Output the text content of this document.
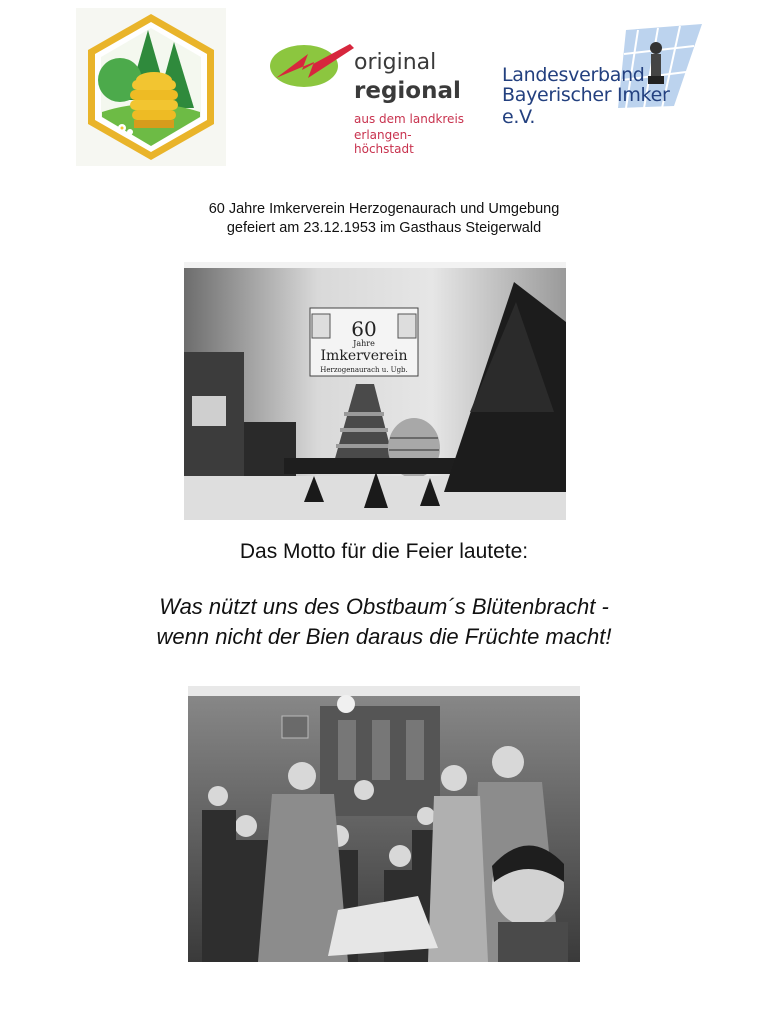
original
regional
aus dem landkreis
erlangen-höchstadt
Landesverband
Bayerischer Imker e.V.
60 Jahre Imkerverein Herzogenaurach und Umgebung
gefeiert am 23.12.1953 im Gasthaus Steigerwald
60
Jahre
Imkerverein
Herzogenaurach u. Ugb.
Das Motto für die Feier lautete:
Was nützt uns des Obstbaum´s Blütenbracht -
wenn nicht der Bien daraus die Früchte macht!
